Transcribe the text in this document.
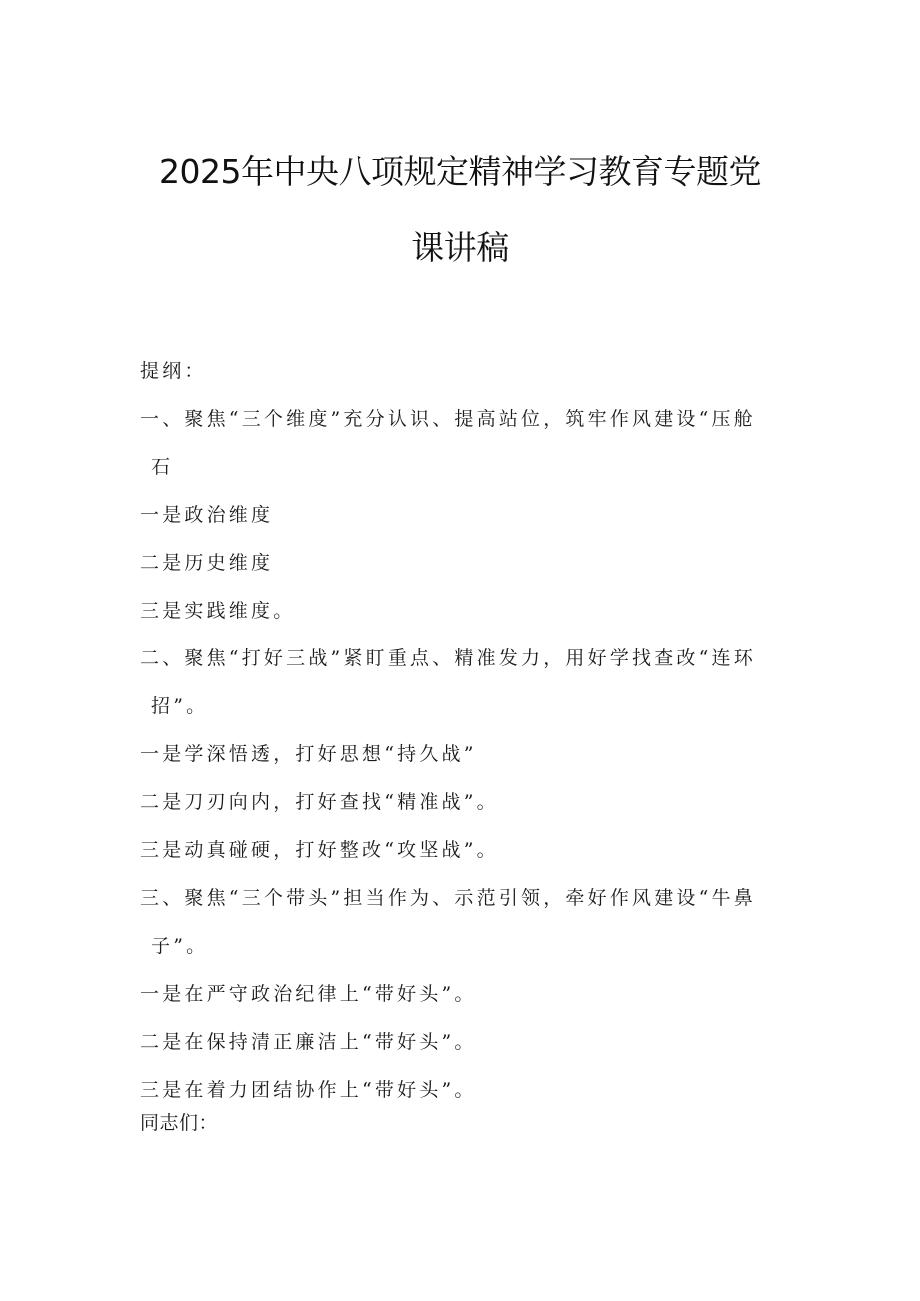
2025年中央八项规定精神学习教育专题党
课讲稿
提纲：
一、聚焦“三个维度”充分认识、提高站位，筑牢作风建设“压舱
石
一是政治维度
二是历史维度
三是实践维度。
二、聚焦“打好三战”紧盯重点、精准发力，用好学找查改“连环
招”。
一是学深悟透，打好思想“持久战”
二是刀刃向内，打好查找“精准战”。
三是动真碰硬，打好整改“攻坚战”。
三、聚焦“三个带头”担当作为、示范引领，牵好作风建设“牛鼻
子”。
一是在严守政治纪律上“带好头”。
二是在保持清正廉洁上“带好头”。
三是在着力团结协作上“带好头”。
同志们：
